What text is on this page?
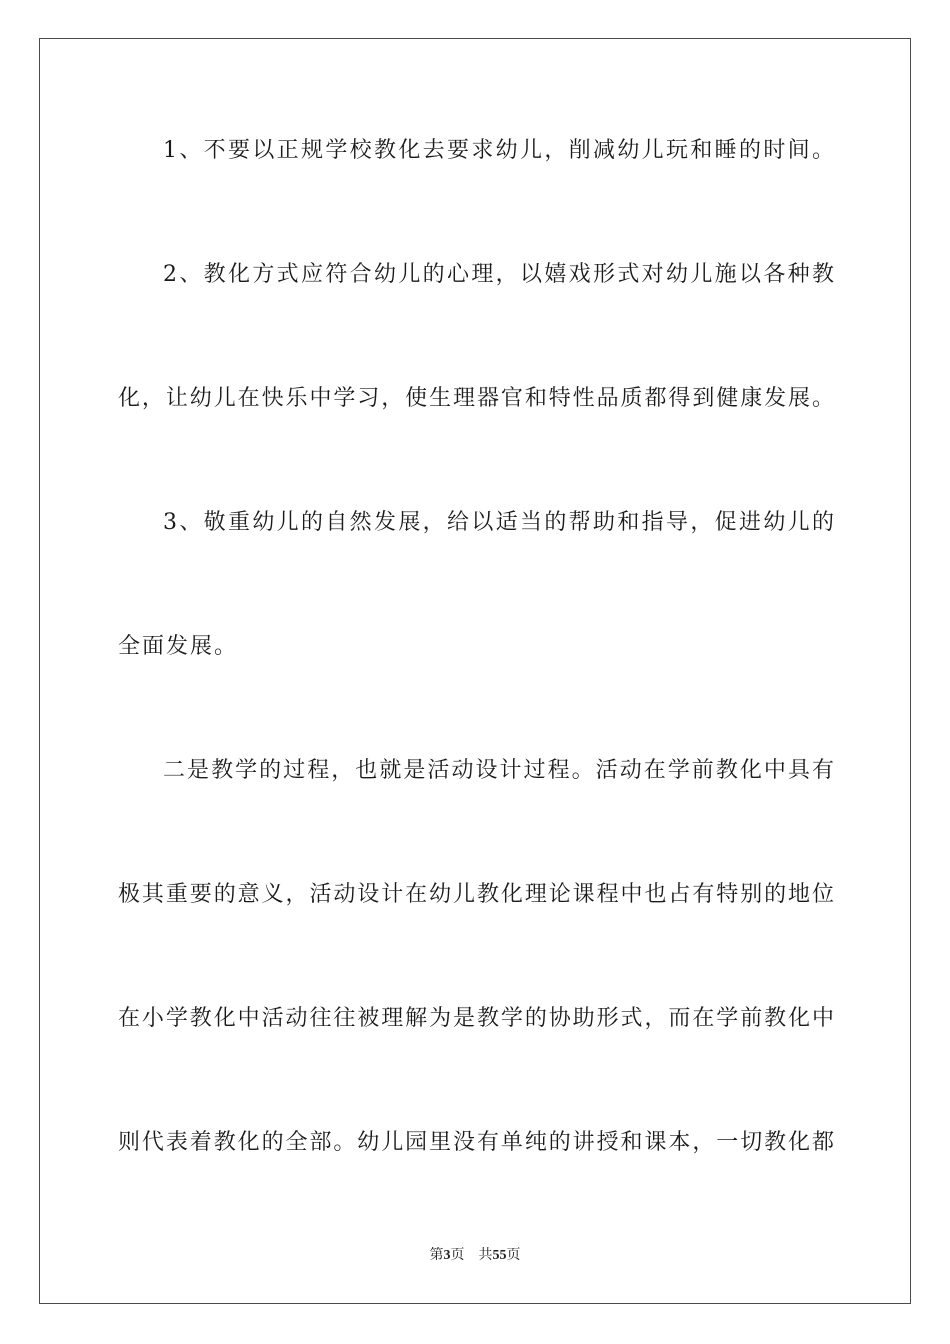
1、不要以正规学校教化去要求幼儿，削减幼儿玩和睡的时间。
2、教化方式应符合幼儿的心理，以嬉戏形式对幼儿施以各种教
化，让幼儿在快乐中学习，使生理器官和特性品质都得到健康发展。
3、敬重幼儿的自然发展，给以适当的帮助和指导，促进幼儿的
全面发展。
二是教学的过程，也就是活动设计过程。活动在学前教化中具有
极其重要的意义，活动设计在幼儿教化理论课程中也占有特别的地位
在小学教化中活动往往被理解为是教学的协助形式，而在学前教化中
则代表着教化的全部。幼儿园里没有单纯的讲授和课本，一切教化都
第3页 共55页
